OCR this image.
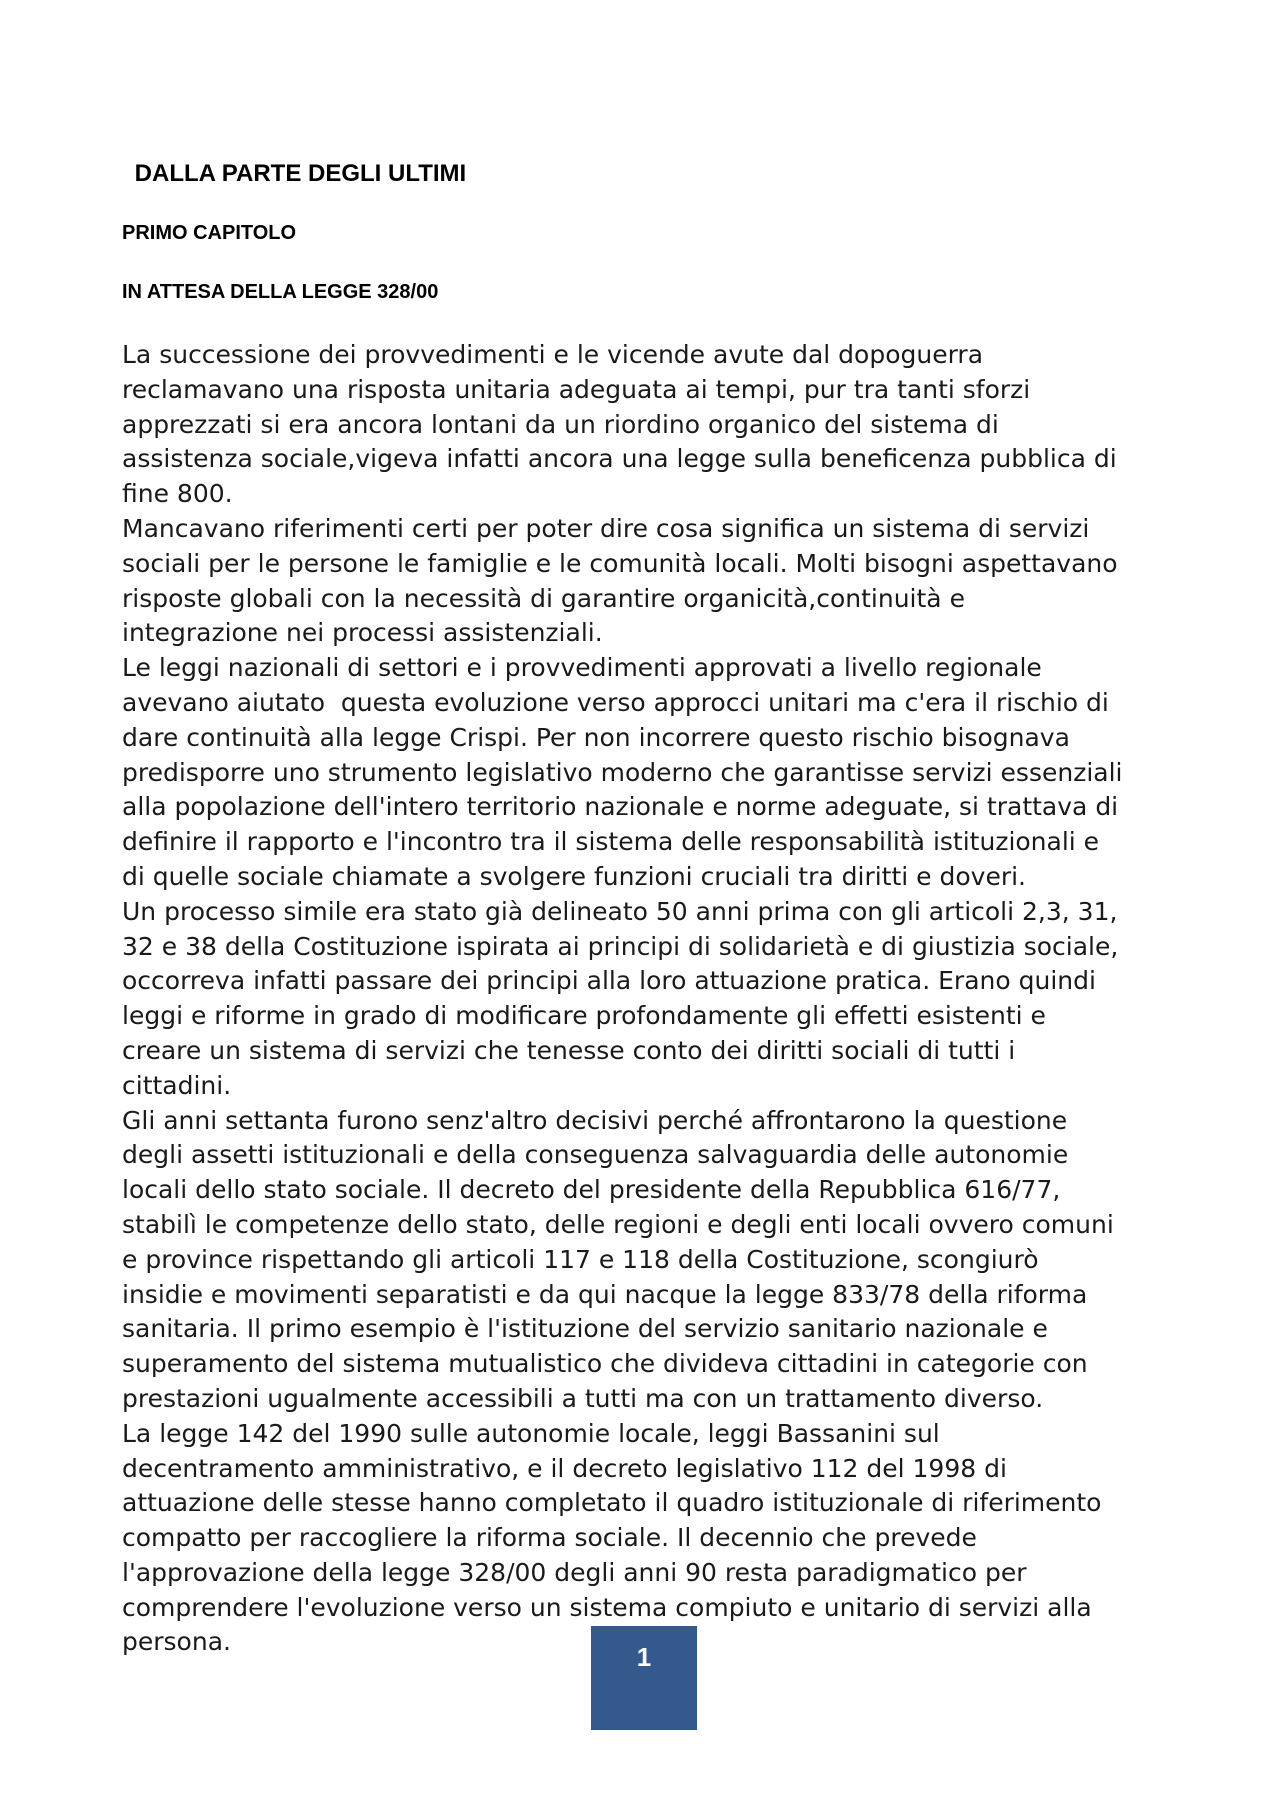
DALLA PARTE DEGLI ULTIMI
PRIMO CAPITOLO
IN ATTESA DELLA LEGGE 328/00
La successione dei provvedimenti e le vicende avute dal dopoguerra
reclamavano una risposta unitaria adeguata ai tempi, pur tra tanti sforzi
apprezzati si era ancora lontani da un riordino organico del sistema di
assistenza sociale,vigeva infatti ancora una legge sulla beneficenza pubblica di
fine 800.
Mancavano riferimenti certi per poter dire cosa significa un sistema di servizi
sociali per le persone le famiglie e le comunità locali. Molti bisogni aspettavano
risposte globali con la necessità di garantire organicità,continuità e
integrazione nei processi assistenziali.
Le leggi nazionali di settori e i provvedimenti approvati a livello regionale
avevano aiutato  questa evoluzione verso approcci unitari ma c'era il rischio di
dare continuità alla legge Crispi. Per non incorrere questo rischio bisognava
predisporre uno strumento legislativo moderno che garantisse servizi essenziali
alla popolazione dell'intero territorio nazionale e norme adeguate, si trattava di
definire il rapporto e l'incontro tra il sistema delle responsabilità istituzionali e
di quelle sociale chiamate a svolgere funzioni cruciali tra diritti e doveri.
Un processo simile era stato già delineato 50 anni prima con gli articoli 2,3, 31,
32 e 38 della Costituzione ispirata ai principi di solidarietà e di giustizia sociale,
occorreva infatti passare dei principi alla loro attuazione pratica. Erano quindi
leggi e riforme in grado di modificare profondamente gli effetti esistenti e
creare un sistema di servizi che tenesse conto dei diritti sociali di tutti i
cittadini.
Gli anni settanta furono senz'altro decisivi perché affrontarono la questione
degli assetti istituzionali e della conseguenza salvaguardia delle autonomie
locali dello stato sociale. Il decreto del presidente della Repubblica 616/77,
stabilì le competenze dello stato, delle regioni e degli enti locali ovvero comuni
e province rispettando gli articoli 117 e 118 della Costituzione, scongiurò
insidie e movimenti separatisti e da qui nacque la legge 833/78 della riforma
sanitaria. Il primo esempio è l'istituzione del servizio sanitario nazionale e
superamento del sistema mutualistico che divideva cittadini in categorie con
prestazioni ugualmente accessibili a tutti ma con un trattamento diverso.
La legge 142 del 1990 sulle autonomie locale, leggi Bassanini sul
decentramento amministrativo, e il decreto legislativo 112 del 1998 di
attuazione delle stesse hanno completato il quadro istituzionale di riferimento
compatto per raccogliere la riforma sociale. Il decennio che prevede
l'approvazione della legge 328/00 degli anni 90 resta paradigmatico per
comprendere l'evoluzione verso un sistema compiuto e unitario di servizi alla
persona.
1
